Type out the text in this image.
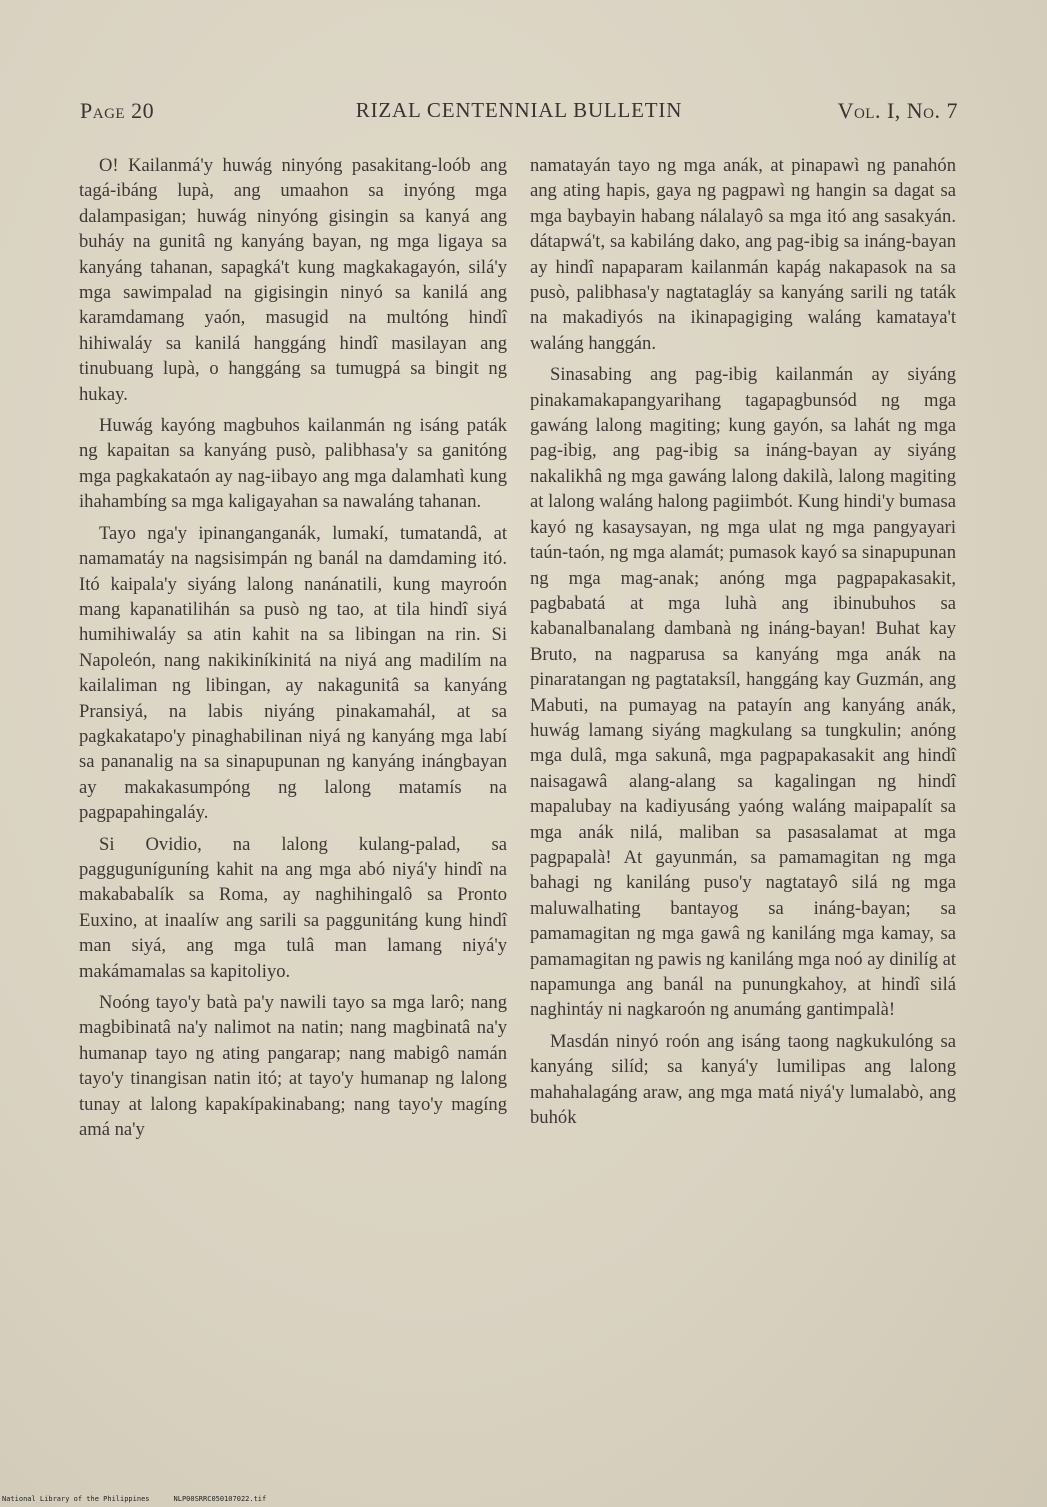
Page 20	RIZAL CENTENNIAL BULLETIN	Vol. I, No. 7

O! Kailanmá'y huwág ninyóng pasakitang-loób ang tagá-ibáng lupà, ang umaahon sa inyóng mga dalampasigan; huwág ninyóng gisingin sa kanyá ang buháy na gunitâ ng kanyáng bayan, ng mga ligaya sa kanyáng tahanan, sapagká't kung magkakagayón, silá'y mga sawimpalad na gigisingin ninyó sa kanilá ang karamdamang yaón, masugid na multóng hindî hihiwaláy sa kanilá hanggáng hindî masilayan ang tinubuang lupà, o hanggáng sa tumugpá sa bingit ng hukay.

Huwág kayóng magbuhos kailanmán ng isáng paták ng kapaitan sa kanyáng pusò, palibhasa'y sa ganitóng mga pagkakataón ay nag-iibayo ang mga dalamhatì kung ihahambíng sa mga kaligayahan sa nawaláng tahanan.

Tayo nga'y ipinanganganák, lumakí, tumatandâ, at namamatáy na nagsisimpán ng banál na damdaming itó. Itó kaipala'y siyáng lalong nanánatili, kung mayroón mang kapanatilihán sa pusò ng tao, at tila hindî siyá humihiwaláy sa atin kahit na sa libingan na rin. Si Napoleón, nang nakikiníkinitá na niyá ang madilím na kailaliman ng libingan, ay nakagunitâ sa kanyáng Pransiyá, na labis niyáng pinakamahál, at sa pagkakatapo'y pinaghabilinan niyá ng kanyáng mga labí sa pananalig na sa sinapupunan ng kanyáng inángbayan ay makakasumpóng ng lalong matamís na pagpapahingaláy.

Si Ovidio, na lalong kulang-palad, sa pagguguníguníng kahit na ang mga abó niyá'y hindî na makababalík sa Roma, ay naghihingalô sa Pronto Euxino, at inaalíw ang sarili sa paggunitáng kung hindî man siyá, ang mga tulâ man lamang niyá'y makámamalas sa kapitoliyo.

Noóng tayo'y batà pa'y nawili tayo sa mga larô; nang magbibinatâ na'y nalimot na natin; nang magbinatâ na'y humanap tayo ng ating pangarap; nang mabigô namán tayo'y tinangisan natin itó; at tayo'y humanap ng lalong tunay at lalong kapakípakinabang; nang tayo'y magíng amá na'y

namatayán tayo ng mga anák, at pinapawì ng panahón ang ating hapis, gaya ng pagpawì ng hangin sa dagat sa mga baybayin habang nálalayô sa mga itó ang sasakyán. dátapwá't, sa kabiláng dako, ang pag-ibig sa ináng-bayan ay hindî napaparam kailanmán kapág nakapasok na sa pusò, palibhasa'y nagtatagláy sa kanyáng sarili ng taták na makadiyós na ikinapagiging waláng kamataya't waláng hanggán.

Sinasabing ang pag-ibig kailanmán ay siyáng pinakamakapangyarihang tagapagbunsód ng mga gawáng lalong magiting; kung gayón, sa lahát ng mga pag-ibig, ang pag-ibig sa ináng-bayan ay siyáng nakalikhâ ng mga gawáng lalong dakilà, lalong magiting at lalong waláng halong pagiimbót. Kung hindi'y bumasa kayó ng kasaysayan, ng mga ulat ng mga pangyayari taún-taón, ng mga alamát; pumasok kayó sa sinapupunan ng mga mag-anak; anóng mga pagpapakasakit, pagbabatá at mga luhà ang ibinubuhos sa kabanalbanalang dambanà ng ináng-bayan! Buhat kay Bruto, na nagparusa sa kanyáng mga anák na pinaratangan ng pagtataksíl, hanggáng kay Guzmán, ang Mabuti, na pumayag na patayín ang kanyáng anák, huwág lamang siyáng magkulang sa tungkulin; anóng mga dulâ, mga sakunâ, mga pagpapakasakit ang hindî naisagawâ alang-alang sa kagalingan ng hindî mapalubay na kadiyusáng yaóng waláng maipapalít sa mga anák nilá, maliban sa pasasalamat at mga pagpapalà! At gayunmán, sa pamamagitan ng mga bahagi ng kaniláng puso'y nagtatayô silá ng mga maluwalhating bantayog sa ináng-bayan; sa pamamagitan ng mga gawâ ng kaniláng mga kamay, sa pamamagitan ng pawis ng kaniláng mga noó ay dinilíg at napamunga ang banál na punungkahoy, at hindî silá naghintáy ni nagkaroón ng anumáng gantimpalà!

Masdán ninyó roón ang isáng taong nagkukulóng sa kanyáng silíd; sa kanyá'y lumilipas ang lalong mahahalagáng araw, ang mga matá niyá'y lumalabò, ang buhók

National Library of the Philippines	NLP00SRRC050107022.tif
